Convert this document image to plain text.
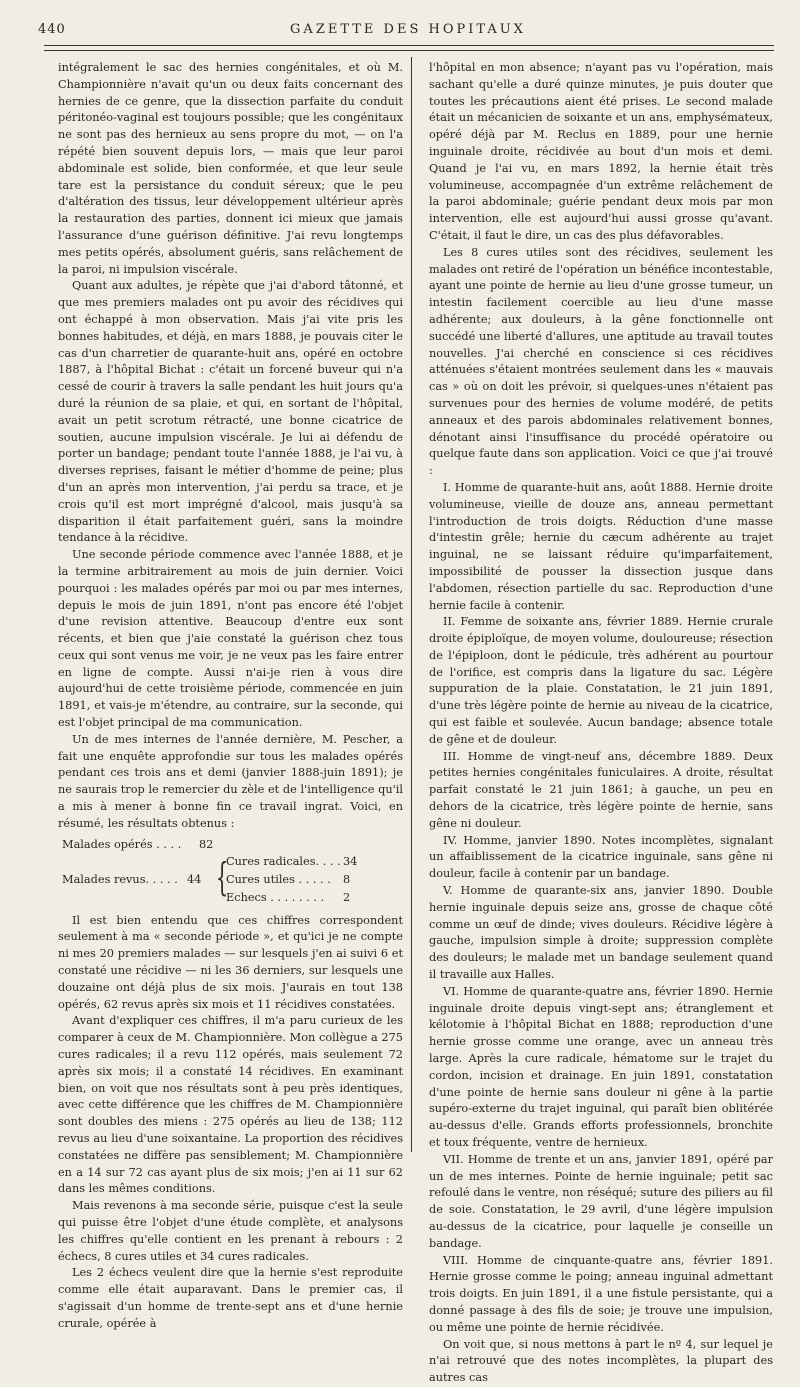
440	GAZETTE DES HOPITAUX

intégralement le sac des hernies congénitales, et où M. Championnière n'avait qu'un ou deux faits concernant des hernies de ce genre, que la dissection parfaite du conduit péritonéo-vaginal est toujours possible; que les congénitaux ne sont pas des hernieux au sens propre du mot, — on l'a répété bien souvent depuis lors, — mais que leur paroi abdominale est solide, bien conformée, et que leur seule tare est la persistance du conduit séreux; que le peu d'altération des tissus, leur développement ultérieur après la restauration des parties, donnent ici mieux que jamais l'assurance d'une guérison définitive. J'ai revu longtemps mes petits opérés, absolument guéris, sans relâchement de la paroi, ni impulsion viscérale.

Quant aux adultes, je répète que j'ai d'abord tâtonné, et que mes premiers malades ont pu avoir des récidives qui ont échappé à mon observation. Mais j'ai vite pris les bonnes habitudes, et déjà, en mars 1888, je pouvais citer le cas d'un charretier de quarante-huit ans, opéré en octobre 1887, à l'hôpital Bichat : c'était un forcené buveur qui n'a cessé de courir à travers la salle pendant les huit jours qu'a duré la réunion de sa plaie, et qui, en sortant de l'hôpital, avait un petit scrotum rétracté, une bonne cicatrice de soutien, aucune impulsion viscérale. Je lui ai défendu de porter un bandage; pendant toute l'année 1888, je l'ai vu, à diverses reprises, faisant le métier d'homme de peine; plus d'un an après mon intervention, j'ai perdu sa trace, et je crois qu'il est mort imprégné d'alcool, mais jusqu'à sa disparition il était parfaitement guéri, sans la moindre tendance à la récidive.

Une seconde période commence avec l'année 1888, et je la termine arbitrairement au mois de juin dernier. Voici pourquoi : les malades opérés par moi ou par mes internes, depuis le mois de juin 1891, n'ont pas encore été l'objet d'une revision attentive. Beaucoup d'entre eux sont récents, et bien que j'aie constaté la guérison chez tous ceux qui sont venus me voir, je ne veux pas les faire entrer en ligne de compte. Aussi n'ai-je rien à vous dire aujourd'hui de cette troisième période, commencée en juin 1891, et vais-je m'étendre, au contraire, sur la seconde, qui est l'objet principal de ma communication.

Un de mes internes de l'année dernière, M. Pescher, a fait une enquête approfondie sur tous les malades opérés pendant ces trois ans et demi (janvier 1888-juin 1891); je ne saurais trop le remercier du zèle et de l'intelligence qu'il a mis à mener à bonne fin ce travail ingrat. Voici, en résumé, les résultats obtenus :

Malades opérés . . . . 82
Malades revus. . . . . 44 {
Cures radicales. . . . 34
Cures utiles . . . . . 8
Echecs . . . . . . . . 2

Il est bien entendu que ces chiffres correspondent seulement à ma « seconde période », et qu'ici je ne compte ni mes 20 premiers malades — sur lesquels j'en ai suivi 6 et constaté une récidive — ni les 36 derniers, sur lesquels une douzaine ont déjà plus de six mois. J'aurais en tout 138 opérés, 62 revus après six mois et 11 récidives constatées.

Avant d'expliquer ces chiffres, il m'a paru curieux de les comparer à ceux de M. Championnière. Mon collègue a 275 cures radicales; il a revu 112 opérés, mais seulement 72 après six mois; il a constaté 14 récidives. En examinant bien, on voit que nos résultats sont à peu près identiques, avec cette différence que les chiffres de M. Championnière sont doubles des miens : 275 opérés au lieu de 138; 112 revus au lieu d'une soixantaine. La proportion des récidives constatées ne diffère pas sensiblement; M. Championnière en a 14 sur 72 cas ayant plus de six mois; j'en ai 11 sur 62 dans les mêmes conditions.

Mais revenons à ma seconde série, puisque c'est la seule qui puisse être l'objet d'une étude complète, et analysons les chiffres qu'elle contient en les prenant à rebours : 2 échecs, 8 cures utiles et 34 cures radicales.

Les 2 échecs veulent dire que la hernie s'est reproduite comme elle était auparavant. Dans le premier cas, il s'agissait d'un homme de trente-sept ans et d'une hernie crurale, opérée à

l'hôpital en mon absence; n'ayant pas vu l'opération, mais sachant qu'elle a duré quinze minutes, je puis douter que toutes les précautions aient été prises. Le second malade était un mécanicien de soixante et un ans, emphysémateux, opéré déjà par M. Reclus en 1889, pour une hernie inguinale droite, récidivée au bout d'un mois et demi. Quand je l'ai vu, en mars 1892, la hernie était très volumineuse, accompagnée d'un extrême relâchement de la paroi abdominale; guérie pendant deux mois par mon intervention, elle est aujourd'hui aussi grosse qu'avant. C'était, il faut le dire, un cas des plus défavorables.

Les 8 cures utiles sont des récidives, seulement les malades ont retiré de l'opération un bénéfice incontestable, ayant une pointe de hernie au lieu d'une grosse tumeur, un intestin facilement coercible au lieu d'une masse adhérente; aux douleurs, à la gêne fonctionnelle ont succédé une liberté d'allures, une aptitude au travail toutes nouvelles. J'ai cherché en conscience si ces récidives atténuées s'étaient montrées seulement dans les « mauvais cas » où on doit les prévoir, si quelques-unes n'étaient pas survenues pour des hernies de volume modéré, de petits anneaux et des parois abdominales relativement bonnes, dénotant ainsi l'insuffisance du procédé opératoire ou quelque faute dans son application. Voici ce que j'ai trouvé :

I. Homme de quarante-huit ans, août 1888. Hernie droite volumineuse, vieille de douze ans, anneau permettant l'introduction de trois doigts. Réduction d'une masse d'intestin grêle; hernie du cæcum adhérente au trajet inguinal, ne se laissant réduire qu'imparfaitement, impossibilité de pousser la dissection jusque dans l'abdomen, résection partielle du sac. Reproduction d'une hernie facile à contenir.

II. Femme de soixante ans, février 1889. Hernie crurale droite épiploïque, de moyen volume, douloureuse; résection de l'épiploon, dont le pédicule, très adhérent au pourtour de l'orifice, est compris dans la ligature du sac. Légère suppuration de la plaie. Constatation, le 21 juin 1891, d'une très légère pointe de hernie au niveau de la cicatrice, qui est faible et soulevée. Aucun bandage; absence totale de gêne et de douleur.

III. Homme de vingt-neuf ans, décembre 1889. Deux petites hernies congénitales funiculaires. A droite, résultat parfait constaté le 21 juin 1861; à gauche, un peu en dehors de la cicatrice, très légère pointe de hernie, sans gêne ni douleur.

IV. Homme, janvier 1890. Notes incomplètes, signalant un affaiblissement de la cicatrice inguinale, sans gêne ni douleur, facile à contenir par un bandage.

V. Homme de quarante-six ans, janvier 1890. Double hernie inguinale depuis seize ans, grosse de chaque côté comme un œuf de dinde; vives douleurs. Récidive légère à gauche, impulsion simple à droite; suppression complète des douleurs; le malade met un bandage seulement quand il travaille aux Halles.

VI. Homme de quarante-quatre ans, février 1890. Hernie inguinale droite depuis vingt-sept ans; étranglement et kélotomie à l'hôpital Bichat en 1888; reproduction d'une hernie grosse comme une orange, avec un anneau très large. Après la cure radicale, hématome sur le trajet du cordon, incision et drainage. En juin 1891, constatation d'une pointe de hernie sans douleur ni gêne à la partie supéro-externe du trajet inguinal, qui paraît bien oblitérée au-dessus d'elle. Grands efforts professionnels, bronchite et toux fréquente, ventre de hernieux.

VII. Homme de trente et un ans, janvier 1891, opéré par un de mes internes. Pointe de hernie inguinale; petit sac refoulé dans le ventre, non réséqué; suture des piliers au fil de soie. Constatation, le 29 avril, d'une légère impulsion au-dessus de la cicatrice, pour laquelle je conseille un bandage.

VIII. Homme de cinquante-quatre ans, février 1891. Hernie grosse comme le poing; anneau inguinal admettant trois doigts. En juin 1891, il a une fistule persistante, qui a donné passage à des fils de soie; je trouve une impulsion, ou même une pointe de hernie récidivée.

On voit que, si nous mettons à part le nº 4, sur lequel je n'ai retrouvé que des notes incomplètes, la plupart des autres cas
